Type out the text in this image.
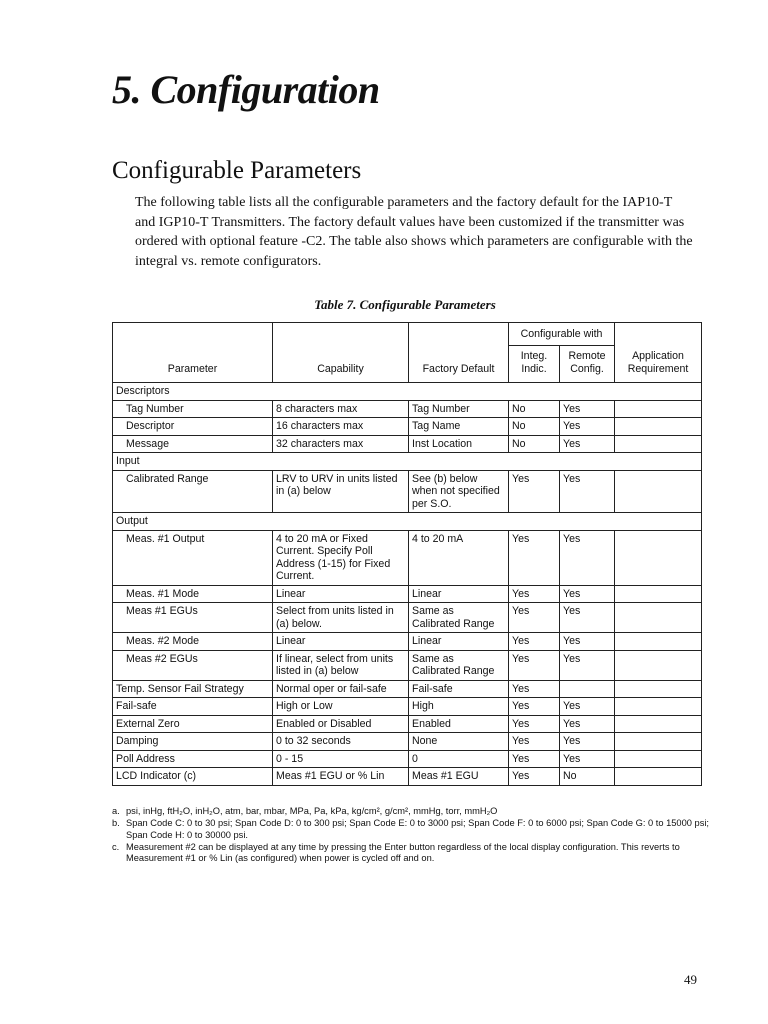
5. Configuration
Configurable Parameters

The following table lists all the configurable parameters and the factory default for the IAP10-T and IGP10-T Transmitters. The factory default values have been customized if the transmitter was ordered with optional feature -C2. The table also shows which parameters are configurable with the integral vs. remote configurators.

Table 7. Configurable Parameters
Parameter	Capability	Factory Default	Configurable with		Application Requirement
			Integ. Indic.	Remote Config.	
Descriptors					
Tag Number	8 characters max	Tag Number	No	Yes	
Descriptor	16 characters max	Tag Name	No	Yes	
Message	32 characters max	Inst Location	No	Yes	
Input					
Calibrated Range	LRV to URV in units listed in (a) below	See (b) below when not specified per S.O.	Yes	Yes	
Output					
Meas. #1 Output	4 to 20 mA or Fixed Current. Specify Poll Address (1-15) for Fixed Current.	4 to 20 mA	Yes	Yes	
Meas. #1 Mode	Linear	Linear	Yes	Yes	
Meas #1 EGUs	Select from units listed in (a) below.	Same as Calibrated Range	Yes	Yes	
Meas. #2 Mode	Linear	Linear	Yes	Yes	
Meas #2 EGUs	If linear, select from units listed in (a) below	Same as Calibrated Range	Yes	Yes	
Temp. Sensor Fail Strategy	Normal oper or fail-safe	Fail-safe	Yes		
Fail-safe	High or Low	High	Yes	Yes	
External Zero	Enabled or Disabled	Enabled	Yes	Yes	
Damping	0 to 32 seconds	None	Yes	Yes	
Poll Address	0 - 15	0	Yes	Yes	
LCD Indicator (c)	Meas #1 EGU or % Lin	Meas #1 EGU	Yes	No	
a. psi, inHg, ftH₂O, inH₂O, atm, bar, mbar, MPa, Pa, kPa, kg/cm², g/cm², mmHg, torr, mmH₂O
b. Span Code C: 0 to 30 psi; Span Code D: 0 to 300 psi; Span Code E: 0 to 3000 psi; Span Code F: 0 to 6000 psi; Span Code G: 0 to 15000 psi; Span Code H: 0 to 30000 psi.
c. Measurement #2 can be displayed at any time by pressing the Enter button regardless of the local display configuration. This reverts to Measurement #1 or % Lin (as configured) when power is cycled off and on.
49
